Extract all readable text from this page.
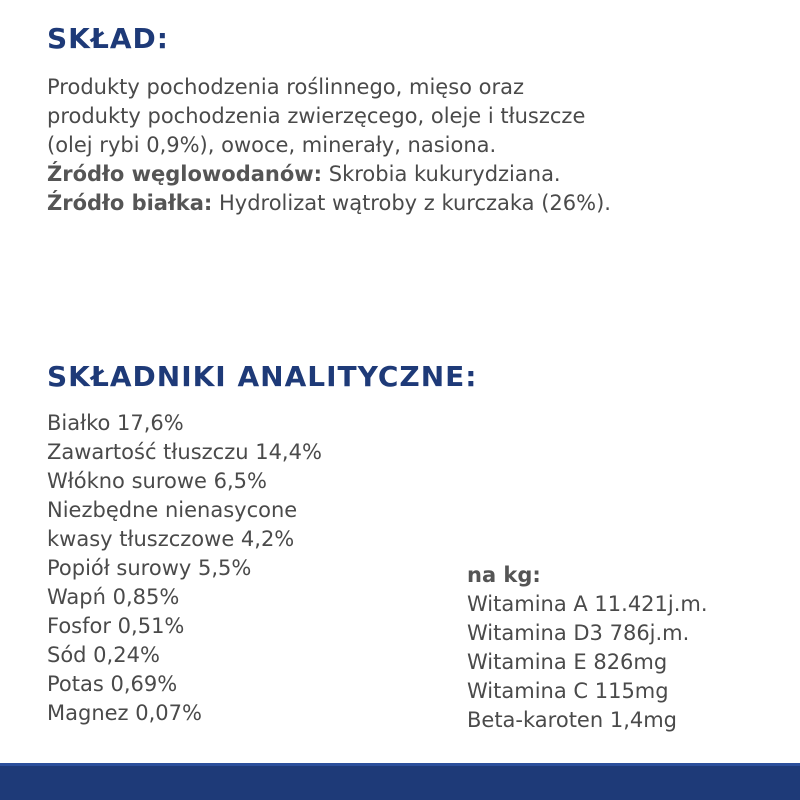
SKŁAD:

Produkty pochodzenia roślinnego, mięso oraz

produkty pochodzenia zwierzęcego, oleje i tłuszcze

(olej rybi 0,9%), owoce, minerały, nasiona.

Źródło węglowodanów: Skrobia kukurydziana.

Źródło białka: Hydrolizat wątroby z kurczaka (26%).

SKŁADNIKI ANALITYCZNE:
Białko 17,6%
Zawartość tłuszczu 14,4%
Włókno surowe 6,5%
Niezbędne nienasycone
kwasy tłuszczowe 4,2%
Popiół surowy 5,5%
Wapń 0,85%
Fosfor 0,51%
Sód 0,24%
Potas 0,69%
Magnez 0,07%
na kg:
Witamina A 11.421j.m.
Witamina D3 786j.m.
Witamina E 826mg
Witamina C 115mg
Beta-karoten 1,4mg
